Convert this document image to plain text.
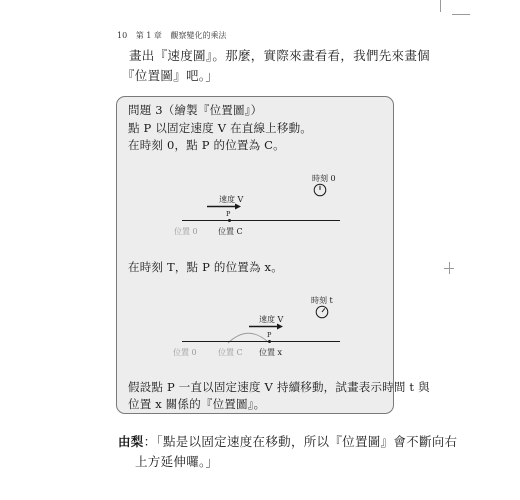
10 第 1 章 觀察變化的乘法
畫出『速度圖』。那麼，實際來畫看看，我們先來畫個
『位置圖』吧。」
問題 3（繪製『位置圖』）
點 P 以固定速度 V 在直線上移動。
在時刻 0，點 P 的位置為 C。
時刻 0
速度 V
P
位置 0	位置 C
在時刻 T，點 P 的位置為 x。
時刻 t
速度 V
P
位置 0	位置 C 位置 x
假設點 P 一直以固定速度 V 持續移動，試畫表示時間 t 與
位置 x 關係的『位置圖』。
由梨：「點是以固定速度在移動，所以『位置圖』會不斷向右
上方延伸囉。」
